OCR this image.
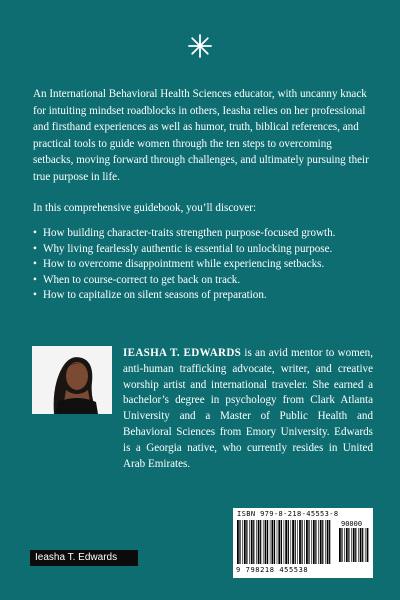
An International Behavioral Health Sciences educator, with uncanny knack for intuiting mindset roadblocks in others, Ieasha relies on her professional and firsthand experiences as well as humor, truth, biblical references, and practical tools to guide women through the ten steps to overcoming setbacks, moving forward through challenges, and ultimately pursuing their true purpose in life.

In this comprehensive guidebook, you’ll discover:

• How building character-traits strengthen purpose-focused growth.
• Why living fearlessly authentic is essential to unlocking purpose.
• How to overcome disappointment while experiencing setbacks.
• When to course-correct to get back on track.
• How to capitalize on silent seasons of preparation.

IEASHA T. EDWARDS is an avid mentor to women, anti-human trafficking advocate, writer, and creative worship artist and international traveler. She earned a bachelor’s degree in psychology from Clark Atlanta University and a Master of Public Health and Behavioral Sciences from Emory University. Edwards is a Georgia native, who currently resides in United Arab Emirates.

ISBN 979-8-218-45553-8
90000
9 798218 455538
Ieasha T. Edwards
